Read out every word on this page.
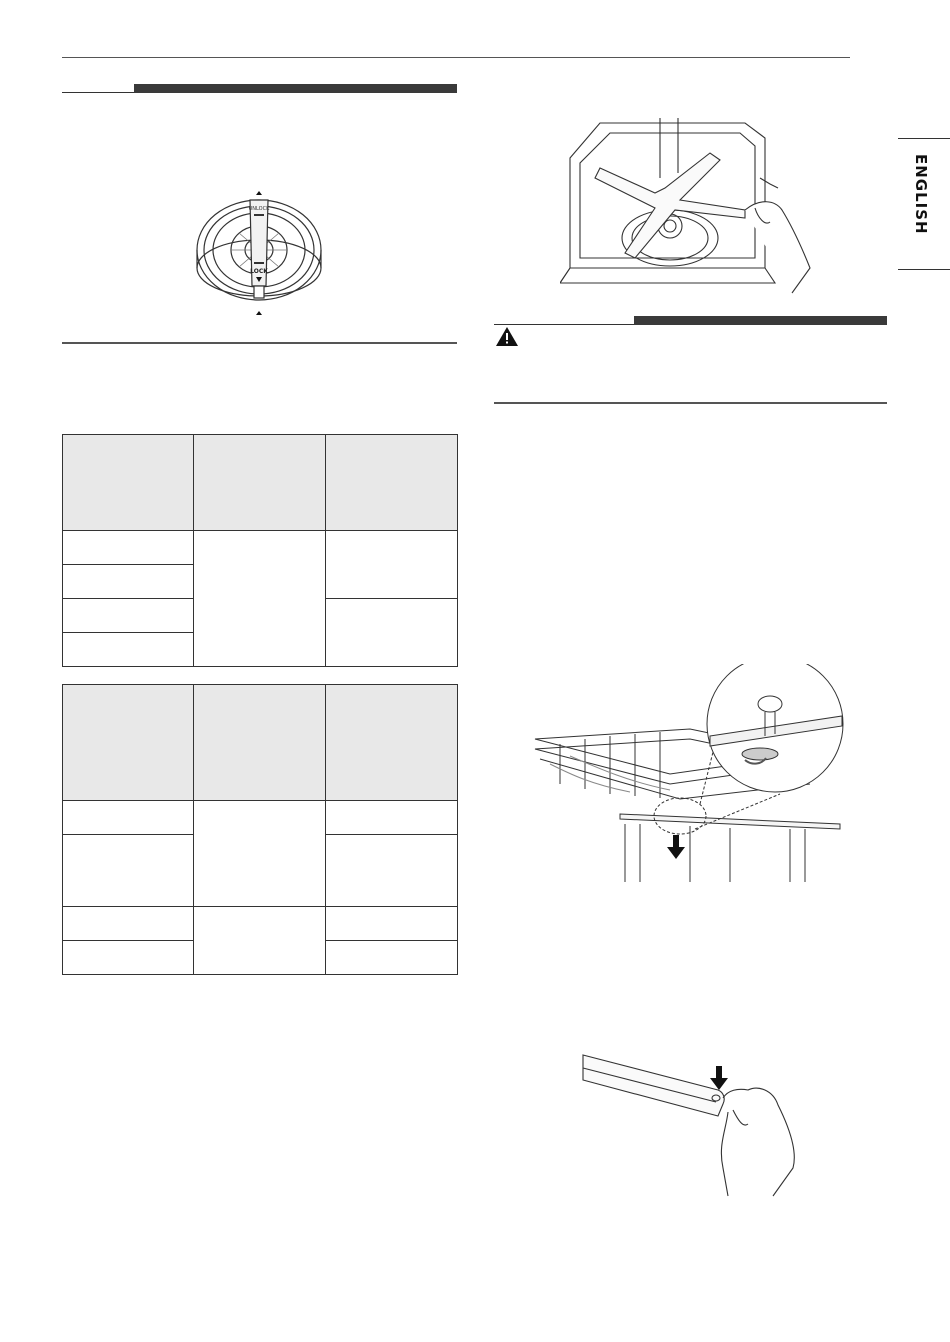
ENGLISH
UNLOCK
LOCK
